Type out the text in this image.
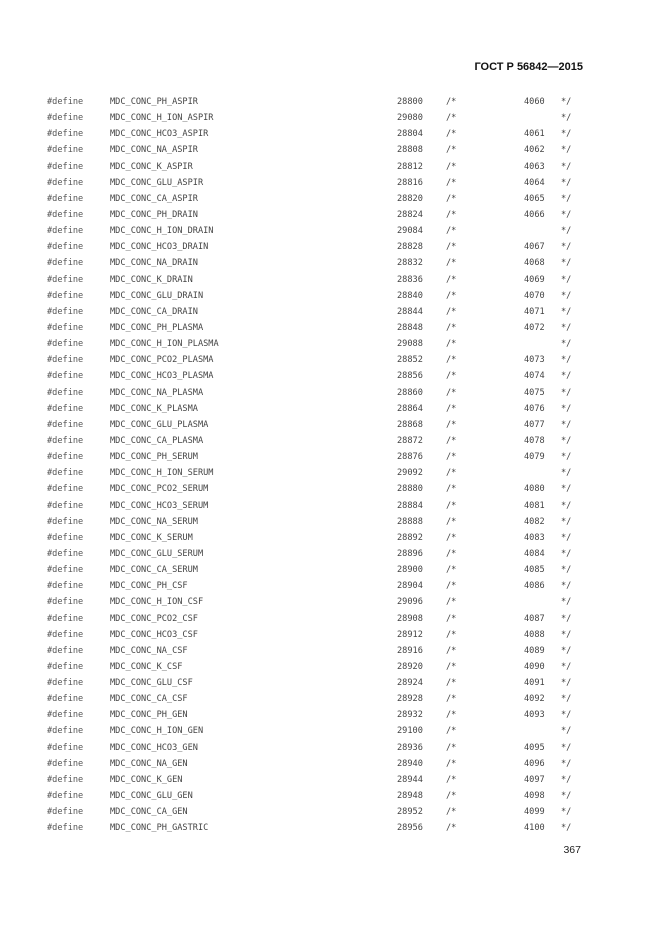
ГОСТ Р 56842—2015
#define	MDC_CONC_PH_ASPIR	28800	/*	4060 */
#define	MDC_CONC_H_ION_ASPIR	29080	/*	*/
#define	MDC_CONC_HCO3_ASPIR	28804	/*	4061 */
#define	MDC_CONC_NA_ASPIR	28808	/*	4062 */
#define	MDC_CONC_K_ASPIR	28812	/*	4063 */
#define	MDC_CONC_GLU_ASPIR	28816	/*	4064 */
#define	MDC_CONC_CA_ASPIR	28820	/*	4065 */
#define	MDC_CONC_PH_DRAIN	28824	/*	4066 */
#define	MDC_CONC_H_ION_DRAIN	29084	/*	*/
#define	MDC_CONC_HCO3_DRAIN	28828	/*	4067 */
#define	MDC_CONC_NA_DRAIN	28832	/*	4068 */
#define	MDC_CONC_K_DRAIN	28836	/*	4069 */
#define	MDC_CONC_GLU_DRAIN	28840	/*	4070 */
#define	MDC_CONC_CA_DRAIN	28844	/*	4071 */
#define	MDC_CONC_PH_PLASMA	28848	/*	4072 */
#define	MDC_CONC_H_ION_PLASMA	29088	/*	*/
#define	MDC_CONC_PCO2_PLASMA	28852	/*	4073 */
#define	MDC_CONC_HCO3_PLASMA	28856	/*	4074 */
#define	MDC_CONC_NA_PLASMA	28860	/*	4075 */
#define	MDC_CONC_K_PLASMA	28864	/*	4076 */
#define	MDC_CONC_GLU_PLASMA	28868	/*	4077 */
#define	MDC_CONC_CA_PLASMA	28872	/*	4078 */
#define	MDC_CONC_PH_SERUM	28876	/*	4079 */
#define	MDC_CONC_H_ION_SERUM	29092	/*	*/
#define	MDC_CONC_PCO2_SERUM	28880	/*	4080 */
#define	MDC_CONC_HCO3_SERUM	28884	/*	4081 */
#define	MDC_CONC_NA_SERUM	28888	/*	4082 */
#define	MDC_CONC_K_SERUM	28892	/*	4083 */
#define	MDC_CONC_GLU_SERUM	28896	/*	4084 */
#define	MDC_CONC_CA_SERUM	28900	/*	4085 */
#define	MDC_CONC_PH_CSF	28904	/*	4086 */
#define	MDC_CONC_H_ION_CSF	29096	/*	*/
#define	MDC_CONC_PCO2_CSF	28908	/*	4087 */
#define	MDC_CONC_HCO3_CSF	28912	/*	4088 */
#define	MDC_CONC_NA_CSF	28916	/*	4089 */
#define	MDC_CONC_K_CSF	28920	/*	4090 */
#define	MDC_CONC_GLU_CSF	28924	/*	4091 */
#define	MDC_CONC_CA_CSF	28928	/*	4092 */
#define	MDC_CONC_PH_GEN	28932	/*	4093 */
#define	MDC_CONC_H_ION_GEN	29100	/*	*/
#define	MDC_CONC_HCO3_GEN	28936	/*	4095 */
#define	MDC_CONC_NA_GEN	28940	/*	4096 */
#define	MDC_CONC_K_GEN	28944	/*	4097 */
#define	MDC_CONC_GLU_GEN	28948	/*	4098 */
#define	MDC_CONC_CA_GEN	28952	/*	4099 */
#define	MDC_CONC_PH_GASTRIC	28956	/*	4100 */
367
